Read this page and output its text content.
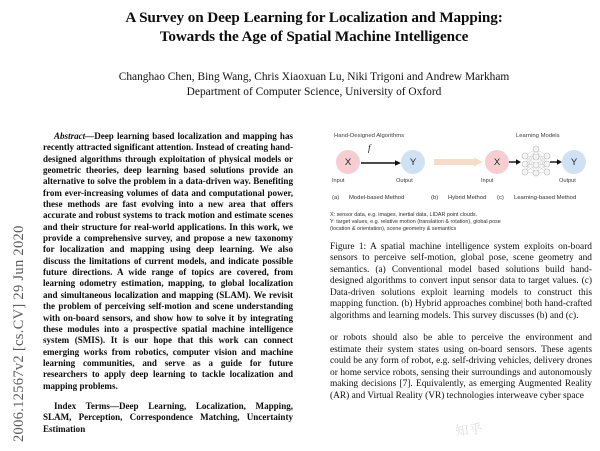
2006.12567v2 [cs.CV] 29 Jun 2020
A Survey on Deep Learning for Localization and Mapping:
Towards the Age of Spatial Machine Intelligence
Changhao Chen, Bing Wang, Chris Xiaoxuan Lu, Niki Trigoni and Andrew Markham
Department of Computer Science, University of Oxford

Abstract—Deep learning based localization and mapping has recently attracted significant attention. Instead of creating hand-designed algorithms through exploitation of physical models or geometric theories, deep learning based solutions provide an alternative to solve the problem in a data-driven way. Benefiting from ever-increasing volumes of data and computational power, these methods are fast evolving into a new area that offers accurate and robust systems to track motion and estimate scenes and their structure for real-world applications. In this work, we provide a comprehensive survey, and propose a new taxonomy for localization and mapping using deep learning. We also discuss the limitations of current models, and indicate possible future directions. A wide range of topics are covered, from learning odometry estimation, mapping, to global localization and simultaneous localization and mapping (SLAM). We revisit the problem of perceiving self-motion and scene understanding with on-board sensors, and show how to solve it by integrating these modules into a prospective spatial machine intelligence system (SMIS). It is our hope that this work can connect emerging works from robotics, computer vision and machine learning communities, and serve as a guide for future researchers to apply deep learning to tackle localization and mapping problems.

Index Terms—Deep Learning, Localization, Mapping, SLAM, Perception, Correspondence Matching, Uncertainty Estimation

Hand-Designed Algorithms
X	Y
f
Input	Output
Learning Models
X	Y
Input	Output
(a) Model-based Method	(b) Hybrid Method (c) Learning-based Method
X: sensor data, e.g. images, inertial data, LIDAR point clouds.
Y: target values, e.g. relative motion (translation & rotation), global pose
(location & orientation), scene geometry & semantics
Figure 1: A spatial machine intelligence system exploits on-board sensors to perceive self-motion, global pose, scene geometry and semantics. (a) Conventional model based solutions build hand-designed algorithms to convert input sensor data to target values. (c) Data-driven solutions exploit learning models to construct this mapping function. (b) Hybrid approaches combine| both hand-crafted algorithms and learning models. This survey discusses (b) and (c).
or robots should also be able to perceive the environment and estimate their system states using on-board sensors. These agents could be any form of robot, e.g. self-driving vehicles, delivery drones or home service robots, sensing their surroundings and autonomously making decisions [7]. Equivalently, as emerging Augmented Reality (AR) and Virtual Reality (VR) technologies interweave cyber space
知乎
